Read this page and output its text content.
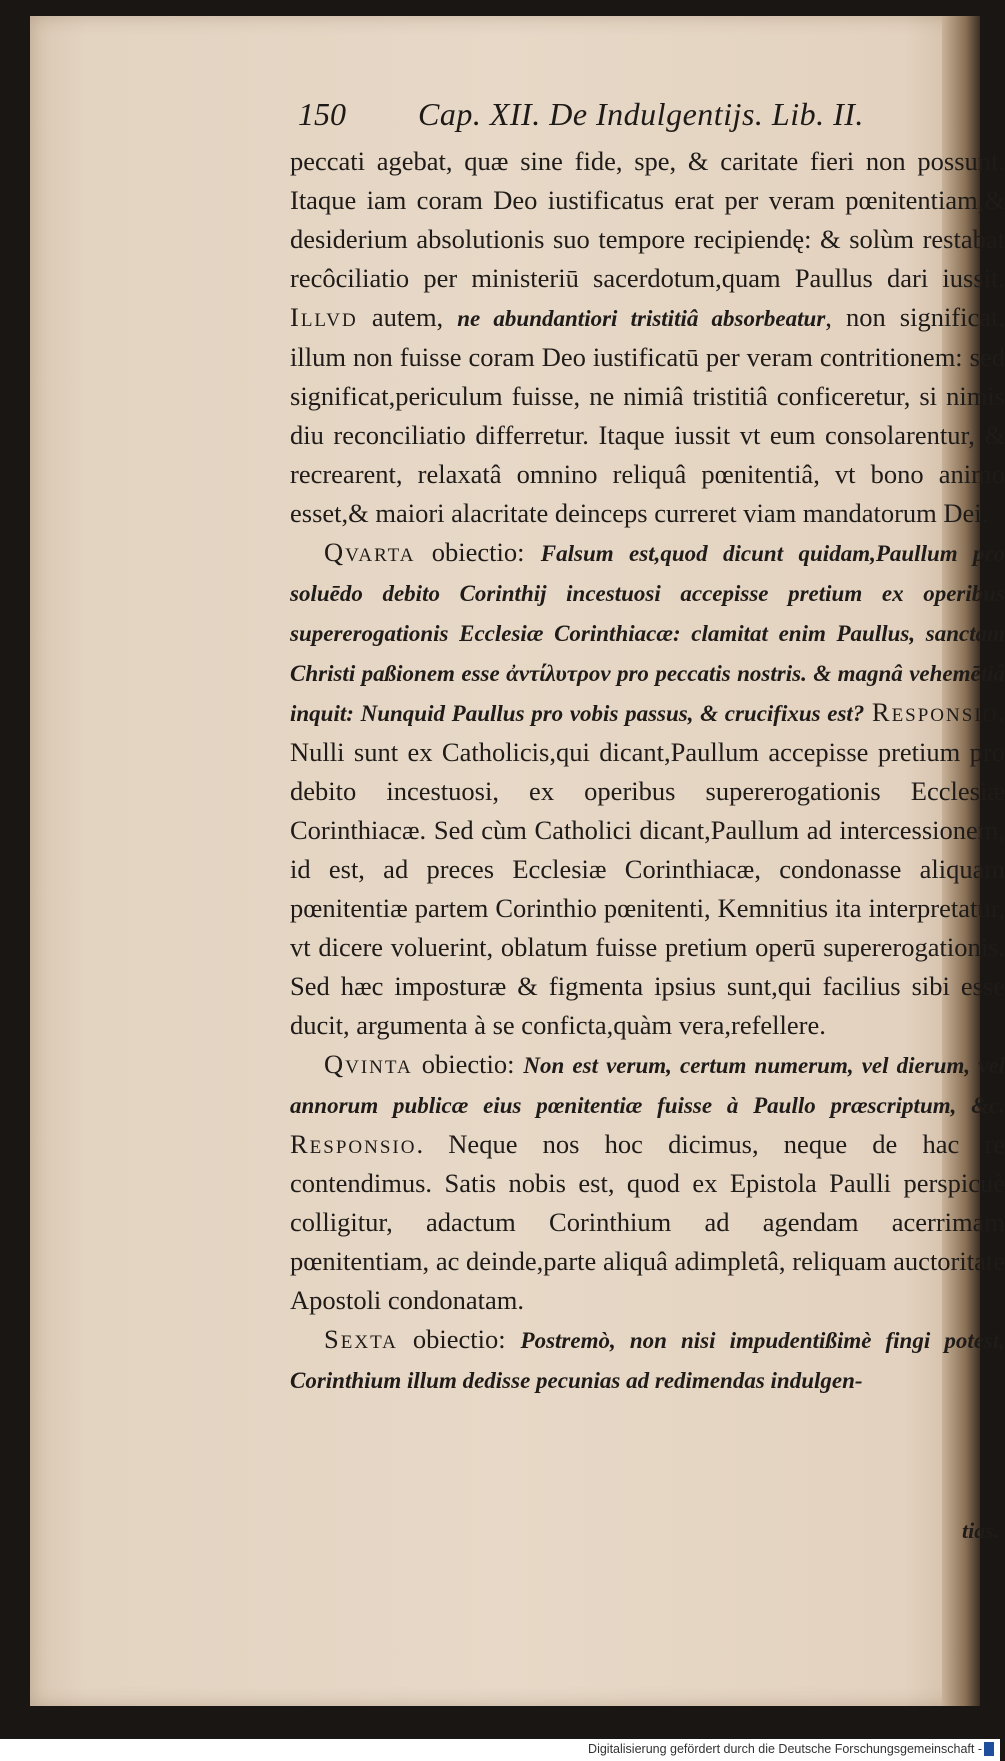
150 Cap. XII. De Indulgentijs. Lib. II.

peccati agebat, quæ sine fide, spe, & caritate fieri non possunt. Itaque iam coram Deo iustificatus erat per veram pœnitentiam,& desiderium absolutionis suo tempore recipiendę: & solùm restabat recôciliatio per ministeriū sacerdotum,quam Paullus dari iussit. Illvd autem, ne abundantiori tristitiâ absorbeatur, non significat, illum non fuisse coram Deo iustificatū per veram contritionem: sed significat,periculum fuisse, ne nimiâ tristitiâ conficeretur, si nimis diu reconciliatio differretur. Itaque iussit vt eum consolarentur, & recrearent, relaxatâ omnino reliquâ pœnitentiâ, vt bono animo esset,& maiori alacritate deinceps curreret viam mandatorum Dei.

Qvarta obiectio: Falsum est,quod dicunt quidam,Paullum pro soluēdo debito Corinthij incestuosi accepisse pretium ex operibus supererogationis Ecclesiæ Corinthiacæ: clamitat enim Paullus, sanctam Christi paßionem esse ἀντίλυτρον pro peccatis nostris. & magnâ vehemētiâ inquit: Nunquid Paullus pro vobis passus, & crucifixus est? Responsio. Nulli sunt ex Catholicis,qui dicant,Paullum accepisse pretium pro debito incestuosi, ex operibus supererogationis Ecclesiæ Corinthiacæ. Sed cùm Catholici dicant,Paullum ad intercessionem, id est, ad preces Ecclesiæ Corinthiacæ, condonasse aliquam pœnitentiæ partem Corinthio pœnitenti, Kemnitius ita interpretatur, vt dicere voluerint, oblatum fuisse pretium operū supererogationis. Sed hæc imposturæ & figmenta ipsius sunt,qui facilius sibi esse ducit, argumenta à se conficta,quàm vera,refellere.

Qvinta obiectio: Non est verum, certum numerum, vel dierum, vel annorum publicæ eius pœnitentiæ fuisse à Paullo præscriptum, &c. Responsio. Neque nos hoc dicimus, neque de hac re contendimus. Satis nobis est, quod ex Epistola Paulli perspicuè colligitur, adactum Corinthium ad agendam acerrimam pœnitentiam, ac deinde,parte aliquâ adimpletâ, reliquam auctoritate Apostoli condonatam.

Sexta obiectio: Postremò, non nisi impudentißimè fingi potest, Corinthium illum dedisse pecunias ad redimendas indulgen-

tias.
Digitalisierung gefördert durch die Deutsche Forschungsgemeinschaft -
